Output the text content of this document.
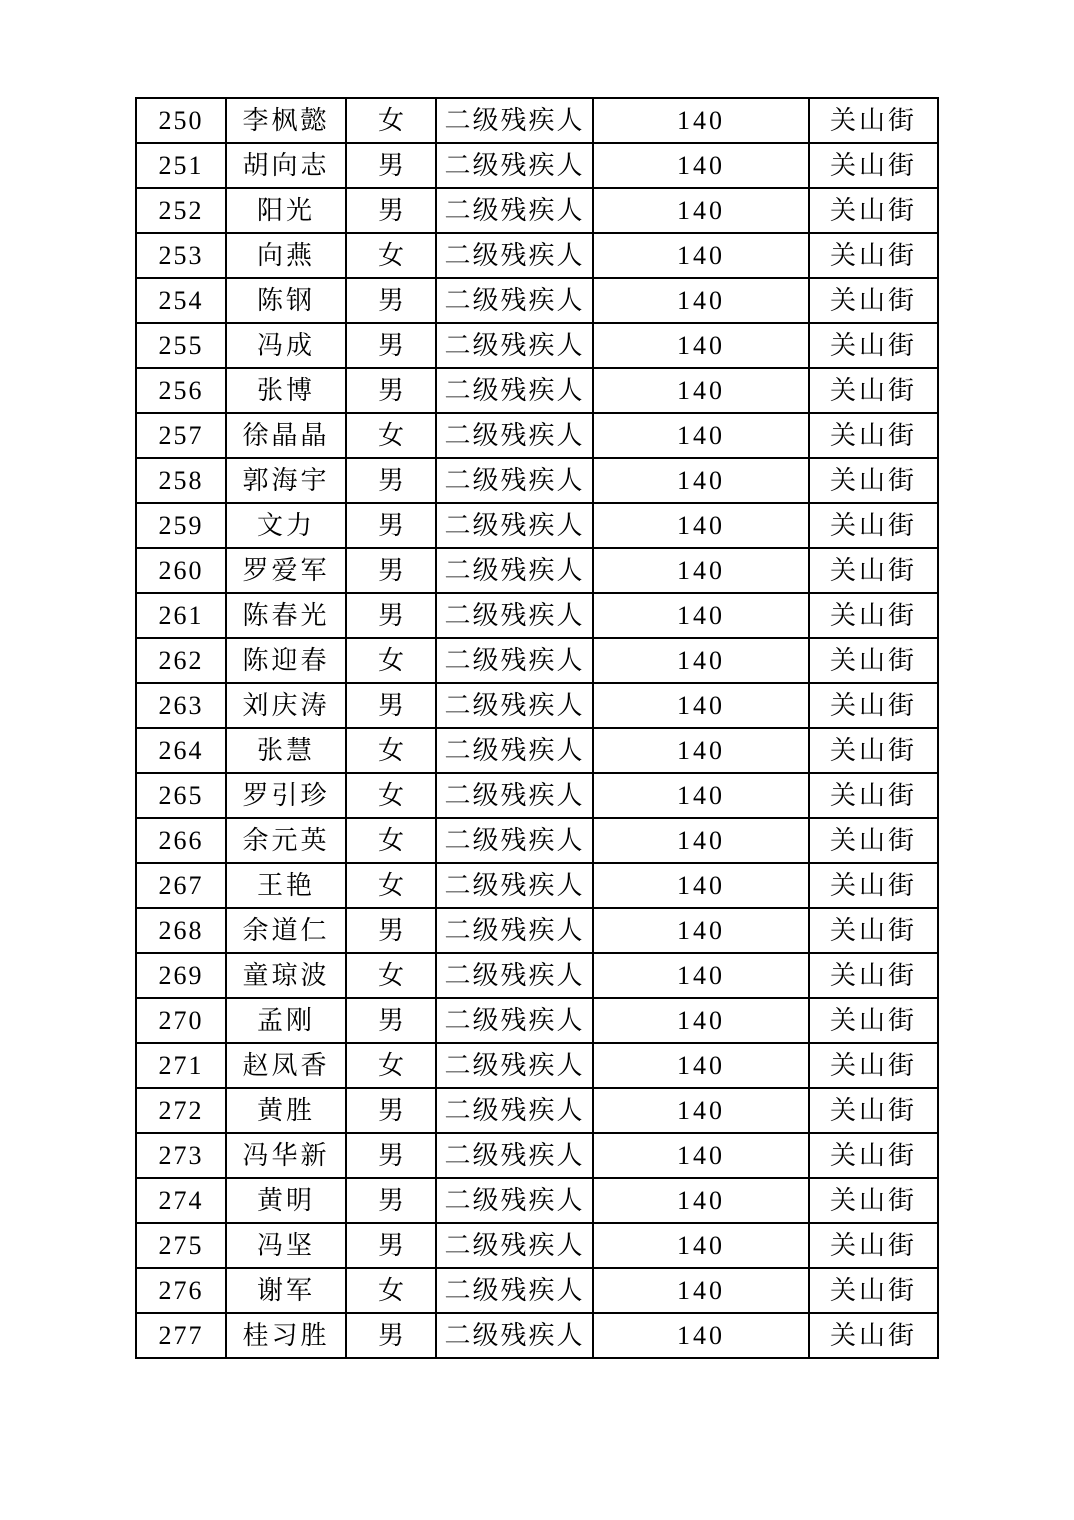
250	李枫懿	女	二级残疾人	140	关山街
251	胡向志	男	二级残疾人	140	关山街
252	阳光	男	二级残疾人	140	关山街
253	向燕	女	二级残疾人	140	关山街
254	陈钢	男	二级残疾人	140	关山街
255	冯成	男	二级残疾人	140	关山街
256	张博	男	二级残疾人	140	关山街
257	徐晶晶	女	二级残疾人	140	关山街
258	郭海宇	男	二级残疾人	140	关山街
259	文力	男	二级残疾人	140	关山街
260	罗爱军	男	二级残疾人	140	关山街
261	陈春光	男	二级残疾人	140	关山街
262	陈迎春	女	二级残疾人	140	关山街
263	刘庆涛	男	二级残疾人	140	关山街
264	张慧	女	二级残疾人	140	关山街
265	罗引珍	女	二级残疾人	140	关山街
266	余元英	女	二级残疾人	140	关山街
267	王艳	女	二级残疾人	140	关山街
268	余道仁	男	二级残疾人	140	关山街
269	童琼波	女	二级残疾人	140	关山街
270	孟刚	男	二级残疾人	140	关山街
271	赵凤香	女	二级残疾人	140	关山街
272	黄胜	男	二级残疾人	140	关山街
273	冯华新	男	二级残疾人	140	关山街
274	黄明	男	二级残疾人	140	关山街
275	冯坚	男	二级残疾人	140	关山街
276	谢军	女	二级残疾人	140	关山街
277	桂习胜	男	二级残疾人	140	关山街
